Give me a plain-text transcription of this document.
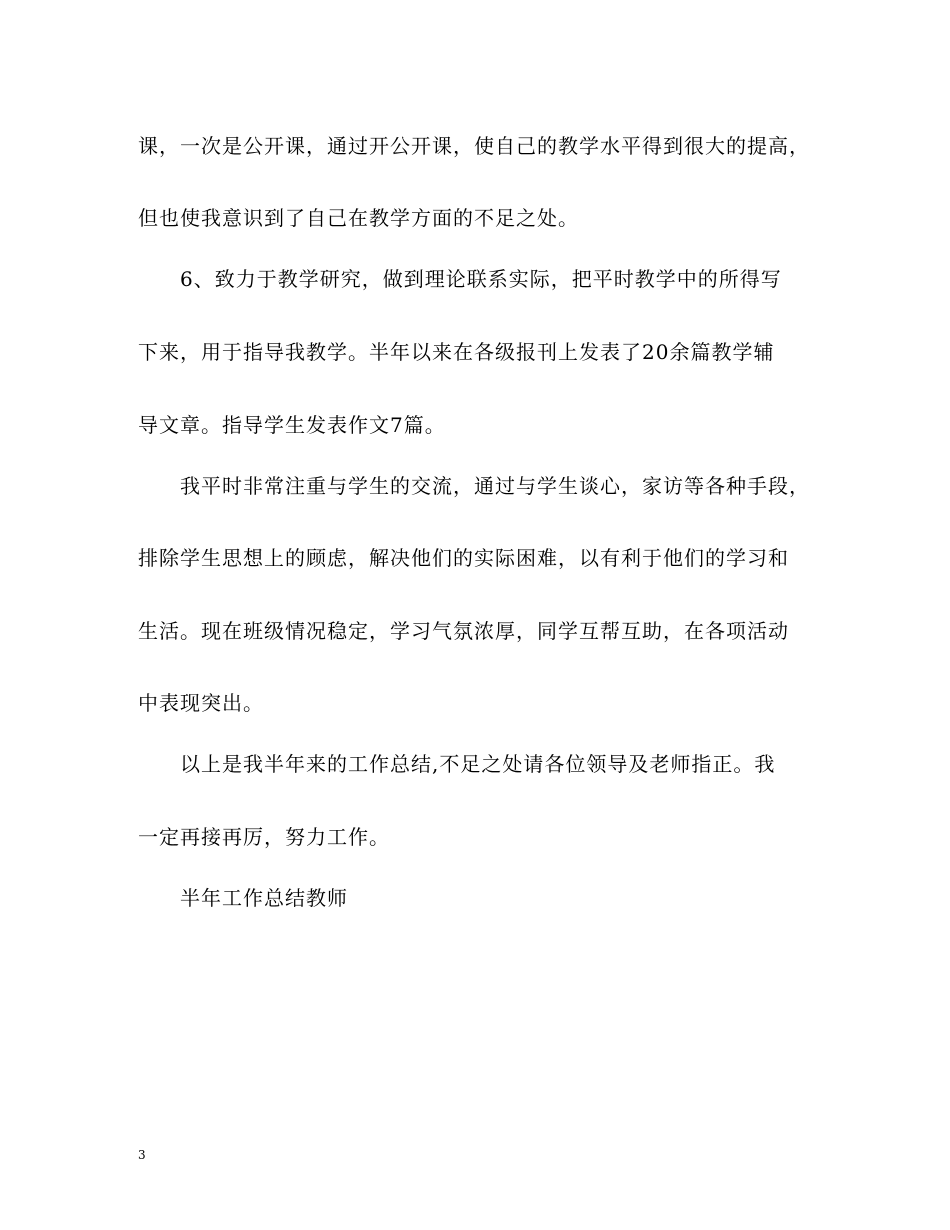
课，一次是公开课，通过开公开课，使自己的教学水平得到很大的提高，
但也使我意识到了自己在教学方面的不足之处。
6、致力于教学研究，做到理论联系实际，把平时教学中的所得写
下来，用于指导我教学。半年以来在各级报刊上发表了20余篇教学辅
导文章。指导学生发表作文7篇。
我平时非常注重与学生的交流，通过与学生谈心，家访等各种手段，
排除学生思想上的顾虑，解决他们的实际困难，以有利于他们的学习和
生活。现在班级情况稳定，学习气氛浓厚，同学互帮互助，在各项活动
中表现突出。
以上是我半年来的工作总结,不足之处请各位领导及老师指正。我
一定再接再厉，努力工作。
半年工作总结教师
3
